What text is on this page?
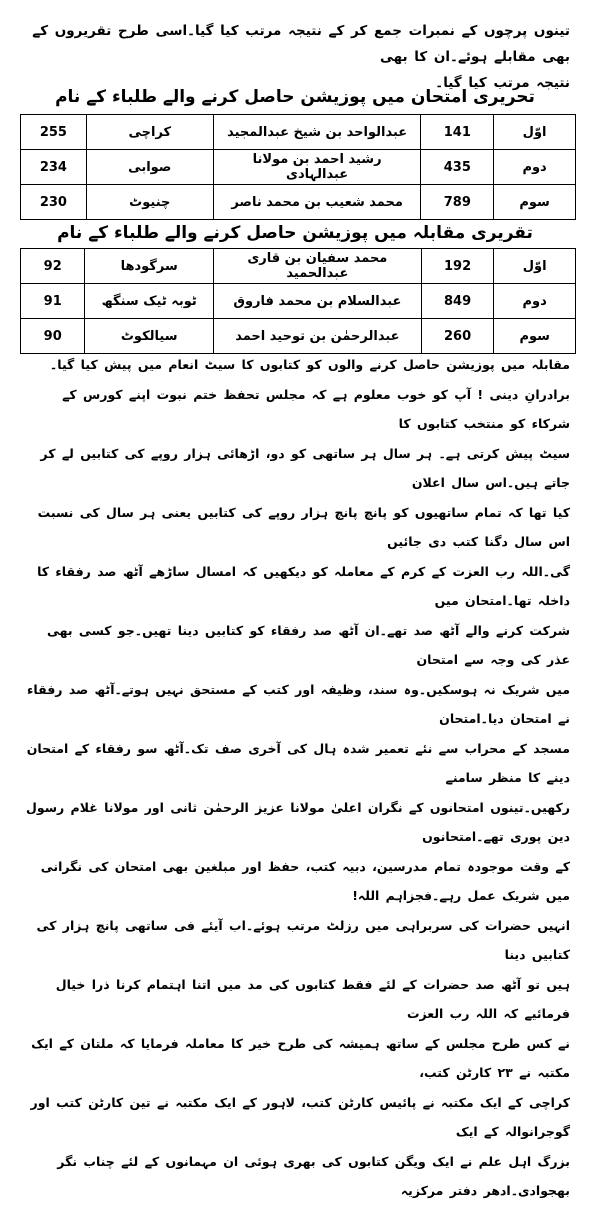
تینوں پرچوں کے نمبرات جمع کر کے نتیجہ مرتب کیا گیا۔اسی طرح تقریروں کے بھی مقابلے ہوئے۔ان کا بھی
نتیجہ مرتب کیا گیا۔
تحریری امتحان میں پوزیشن حاصل کرنے والے طلباء کے نام
اوّل	141	عبدالواحد بن شیخ عبدالمجید	کراچی	255
دوم	435	رشید احمد بن مولانا عبدالہادی	صوابی	234
سوم	789	محمد شعیب بن محمد ناصر	چنیوٹ	230
تقریری مقابلہ میں پوزیشن حاصل کرنے والے طلباء کے نام
اوّل	192	محمد سفیان بن قاری عبدالحمید	سرگودھا	92
دوم	849	عبدالسلام بن محمد فاروق	ٹوبہ ٹیک سنگھ	91
سوم	260	عبدالرحمٰن بن توحید احمد	سیالکوٹ	90
مقابلہ میں پوزیشن حاصل کرنے والوں کو کتابوں کا سیٹ انعام میں پیش کیا گیا۔
برادرانِ دینی ! آپ کو خوب معلوم ہے کہ مجلس تحفظ ختم نبوت اپنے کورس کے شرکاء کو منتخب کتابوں کا
سیٹ پیش کرتی ہے۔ ہر سال ہر ساتھی کو دو، اڑھائی ہزار روپے کی کتابیں لے کر جاتے ہیں۔اس سال اعلان
کیا تھا کہ تمام ساتھیوں کو پانچ پانچ ہزار روپے کی کتابیں یعنی ہر سال کی نسبت اس سال دگنا کتب دی جائیں
گی۔اللہ رب العزت کے کرم کے معاملہ کو دیکھیں کہ امسال ساڑھے آٹھ صد رفقاء کا داخلہ تھا۔امتحان میں
شرکت کرنے والے آٹھ صد تھے۔ان آٹھ صد رفقاء کو کتابیں دینا تھیں۔جو کسی بھی عذر کی وجہ سے امتحان
میں شریک نہ ہوسکیں۔وہ سند، وظیفہ اور کتب کے مستحق نہیں ہوتے۔آٹھ صد رفقاء نے امتحان دیا۔امتحان
مسجد کے محراب سے نئے تعمیر شدہ ہال کی آخری صف تک۔آٹھ سو رفقاء کے امتحان دینے کا منظر سامنے
رکھیں۔تینوں امتحانوں کے نگران اعلیٰ مولانا عزیز الرحمٰن ثانی اور مولانا غلام رسول دین پوری تھے۔امتحانوں
کے وقت موجودہ تمام مدرسین، دبیہ کتب، حفظ اور مبلغین بھی امتحان کی نگرانی میں شریک عمل رہے۔فجزاہم اللہ!
انہیں حضرات کی سربراہی میں رزلٹ مرتب ہوئے۔اب آیئے فی ساتھی پانچ ہزار کی کتابیں دینا
ہیں تو آٹھ صد حضرات کے لئے فقط کتابوں کی مد میں اتنا اہتمام کرنا ذرا خیال فرمائیے کہ اللہ رب العزت
نے کس طرح مجلس کے ساتھ ہمیشہ کی طرح خیر کا معاملہ فرمایا کہ ملتان کے ایک مکتبہ نے ۲۳ کارٹن کتب،
کراچی کے ایک مکتبہ نے پائیس کارٹن کتب، لاہور کے ایک مکتبہ نے تین کارٹن کتب اور گوجرانوالہ کے ایک
بزرگ اہل علم نے ایک ویگن کتابوں کی بھری ہوئی ان مہمانوں کے لئے چناب نگر بھجوادی۔ادھر دفتر مرکزیہ
